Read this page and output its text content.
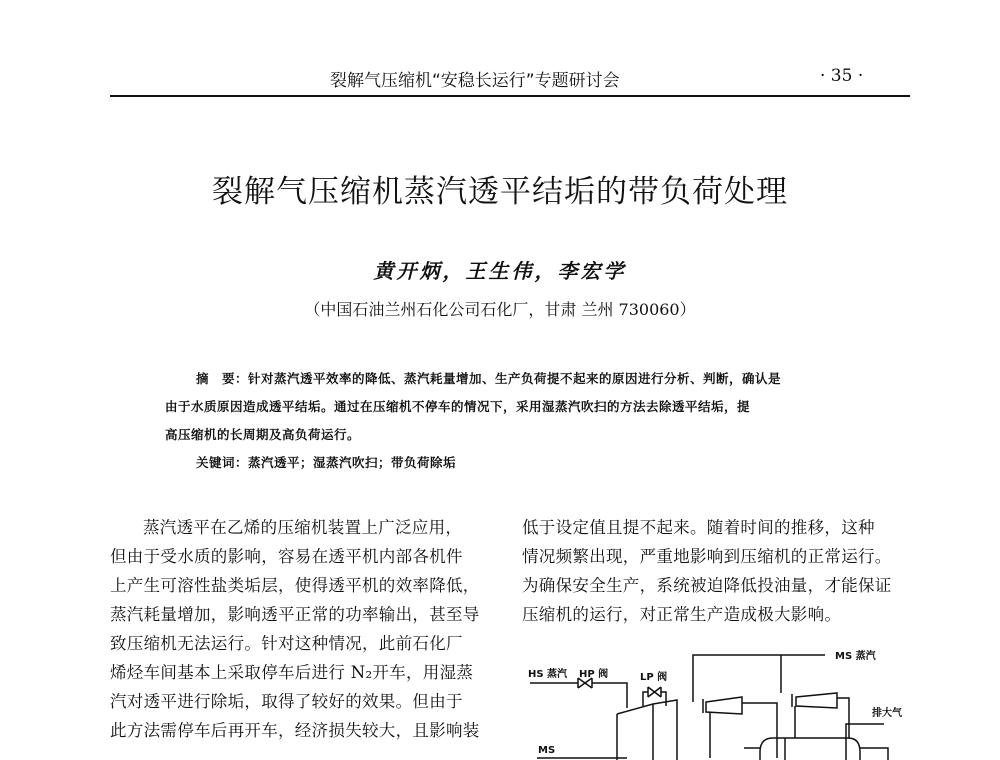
裂解气压缩机“安稳长运行”专题研讨会	· 35 ·
裂解气压缩机蒸汽透平结垢的带负荷处理
黄开炳，王生伟，李宏学
（中国石油兰州石化公司石化厂，甘肃 兰州 730060）
摘　要：针对蒸汽透平效率的降低、蒸汽耗量增加、生产负荷提不起来的原因进行分析、判断，确认是
由于水质原因造成透平结垢。通过在压缩机不停车的情况下，采用湿蒸汽吹扫的方法去除透平结垢，提
高压缩机的长周期及高负荷运行。
关键词：蒸汽透平；湿蒸汽吹扫；带负荷除垢
蒸汽透平在乙烯的压缩机装置上广泛应用，
但由于受水质的影响，容易在透平机内部各机件
上产生可溶性盐类垢层，使得透平机的效率降低，
蒸汽耗量增加，影响透平正常的功率输出，甚至导
致压缩机无法运行。针对这种情况，此前石化厂
烯烃车间基本上采取停车后进行 N₂开车，用湿蒸
汽对透平进行除垢，取得了较好的效果。但由于
此方法需停车后再开车，经济损失较大，且影响装
低于设定值且提不起来。随着时间的推移，这种
情况频繁出现，严重地影响到压缩机的正常运行。
为确保安全生产，系统被迫降低投油量，才能保证
压缩机的运行，对正常生产造成极大影响。
MS 蒸汽
HS 蒸汽 HP 阀	LP 阀
排大气
MS
